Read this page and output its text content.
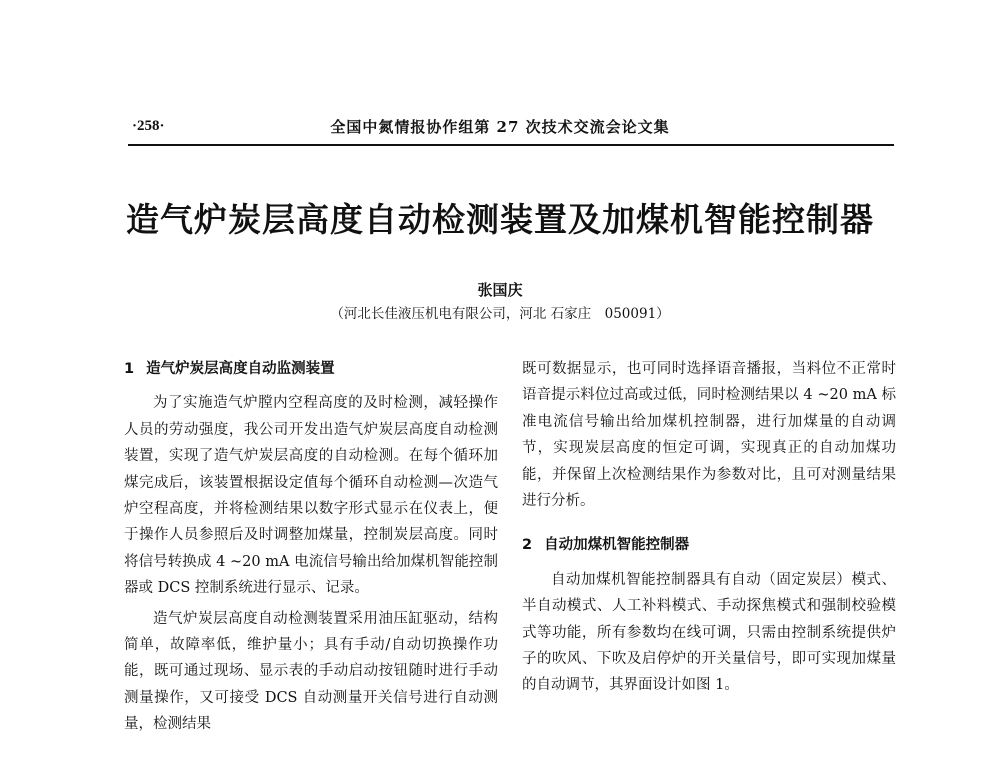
·258·	全国中氮情报协作组第 27 次技术交流会论文集
造气炉炭层高度自动检测装置及加煤机智能控制器
张国庆
（河北长佳液压机电有限公司，河北 石家庄　050091）
1 造气炉炭层高度自动监测装置

为了实施造气炉膛内空程高度的及时检测，减轻操作人员的劳动强度，我公司开发出造气炉炭层高度自动检测装置，实现了造气炉炭层高度的自动检测。在每个循环加煤完成后，该装置根据设定值每个循环自动检测—次造气炉空程高度，并将检测结果以数字形式显示在仪表上，便于操作人员参照后及时调整加煤量，控制炭层高度。同时将信号转换成 4 ~20 mA 电流信号输出给加煤机智能控制器或 DCS 控制系统进行显示、记录。

造气炉炭层高度自动检测装置采用油压缸驱动，结构简单，故障率低，维护量小；具有手动/自动切换操作功能，既可通过现场、显示表的手动启动按钮随时进行手动测量操作，又可接受 DCS 自动测量开关信号进行自动测量，检测结果

既可数据显示，也可同时选择语音播报，当料位不正常时语音提示料位过高或过低，同时检测结果以 4 ~20 mA 标准电流信号输出给加煤机控制器，进行加煤量的自动调节，实现炭层高度的恒定可调，实现真正的自动加煤功能，并保留上次检测结果作为参数对比，且可对测量结果进行分析。

2 自动加煤机智能控制器

自动加煤机智能控制器具有自动（固定炭层）模式、半自动模式、人工补料模式、手动探焦模式和强制校验模式等功能，所有参数均在线可调，只需由控制系统提供炉子的吹风、下吹及启停炉的开关量信号，即可实现加煤量的自动调节，其界面设计如图 1。
